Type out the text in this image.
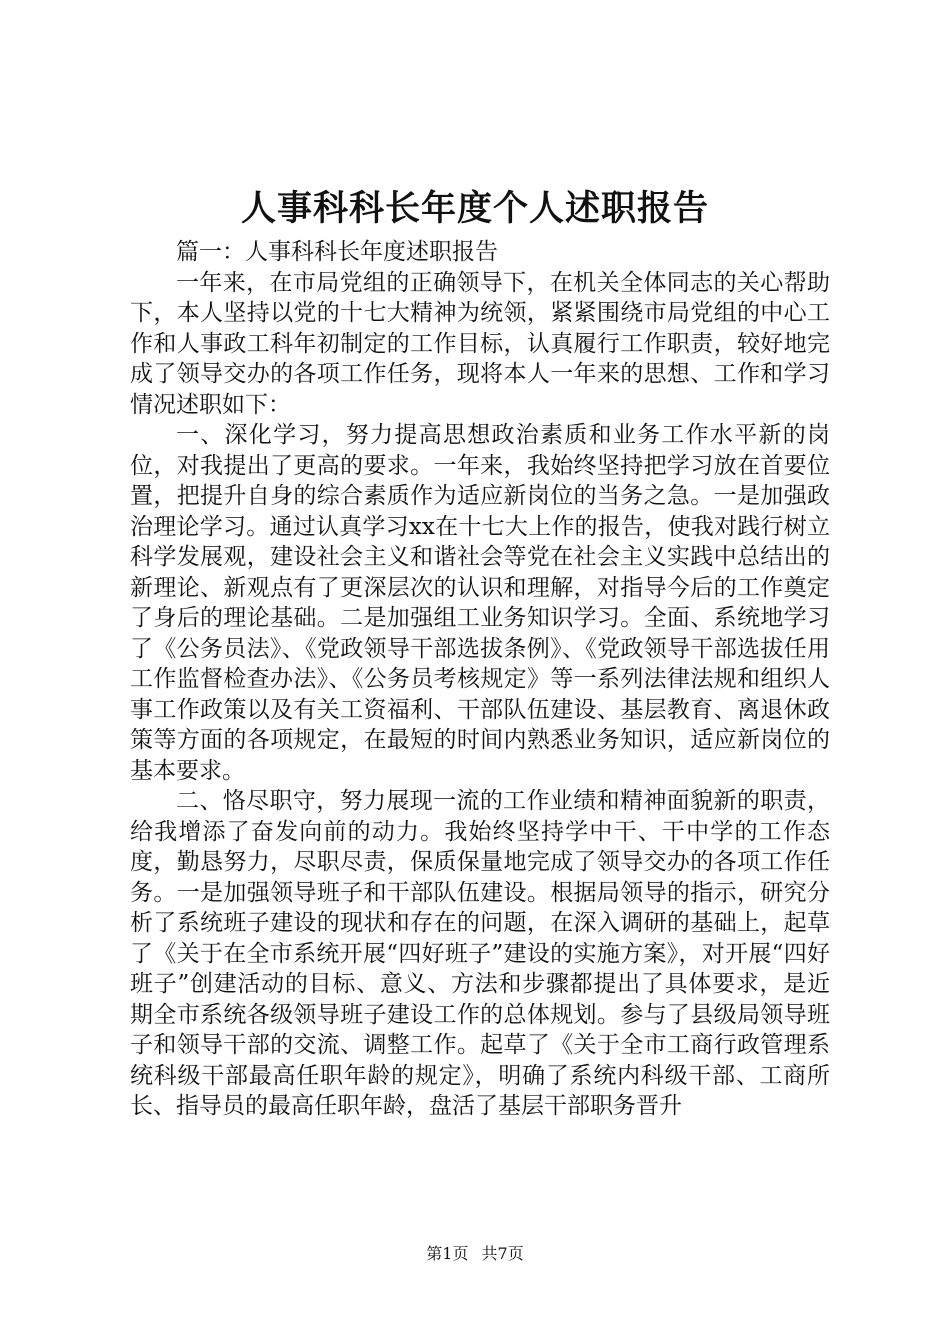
人事科科长年度个人述职报告

篇一：人事科科长年度述职报告

一年来，在市局党组的正确领导下，在机关全体同志的关心帮助下，本人坚持以党的十七大精神为统领，紧紧围绕市局党组的中心工作和人事政工科年初制定的工作目标，认真履行工作职责，较好地完成了领导交办的各项工作任务，现将本人一年来的思想、工作和学习情况述职如下：

一、深化学习，努力提高思想政治素质和业务工作水平新的岗位，对我提出了更高的要求。一年来，我始终坚持把学习放在首要位置，把提升自身的综合素质作为适应新岗位的当务之急。一是加强政治理论学习。通过认真学习xx在十七大上作的报告，使我对践行树立科学发展观，建设社会主义和谐社会等党在社会主义实践中总结出的新理论、新观点有了更深层次的认识和理解，对指导今后的工作奠定了身后的理论基础。二是加强组工业务知识学习。全面、系统地学习了《公务员法》、《党政领导干部选拔条例》、《党政领导干部选拔任用工作监督检查办法》、《公务员考核规定》等一系列法律法规和组织人事工作政策以及有关工资福利、干部队伍建设、基层教育、离退休政策等方面的各项规定，在最短的时间内熟悉业务知识，适应新岗位的基本要求。

二、恪尽职守，努力展现一流的工作业绩和精神面貌新的职责，给我增添了奋发向前的动力。我始终坚持学中干、干中学的工作态度，勤恳努力，尽职尽责，保质保量地完成了领导交办的各项工作任务。一是加强领导班子和干部队伍建设。根据局领导的指示，研究分析了系统班子建设的现状和存在的问题，在深入调研的基础上，起草了《关于在全市系统开展“四好班子”建设的实施方案》，对开展“四好班子”创建活动的目标、意义、方法和步骤都提出了具体要求，是近期全市系统各级领导班子建设工作的总体规划。参与了县级局领导班子和领导干部的交流、调整工作。起草了《关于全市工商行政管理系统科级干部最高任职年龄的规定》，明确了系统内科级干部、工商所长、指导员的最高任职年龄，盘活了基层干部职务晋升

第1页 共7页
